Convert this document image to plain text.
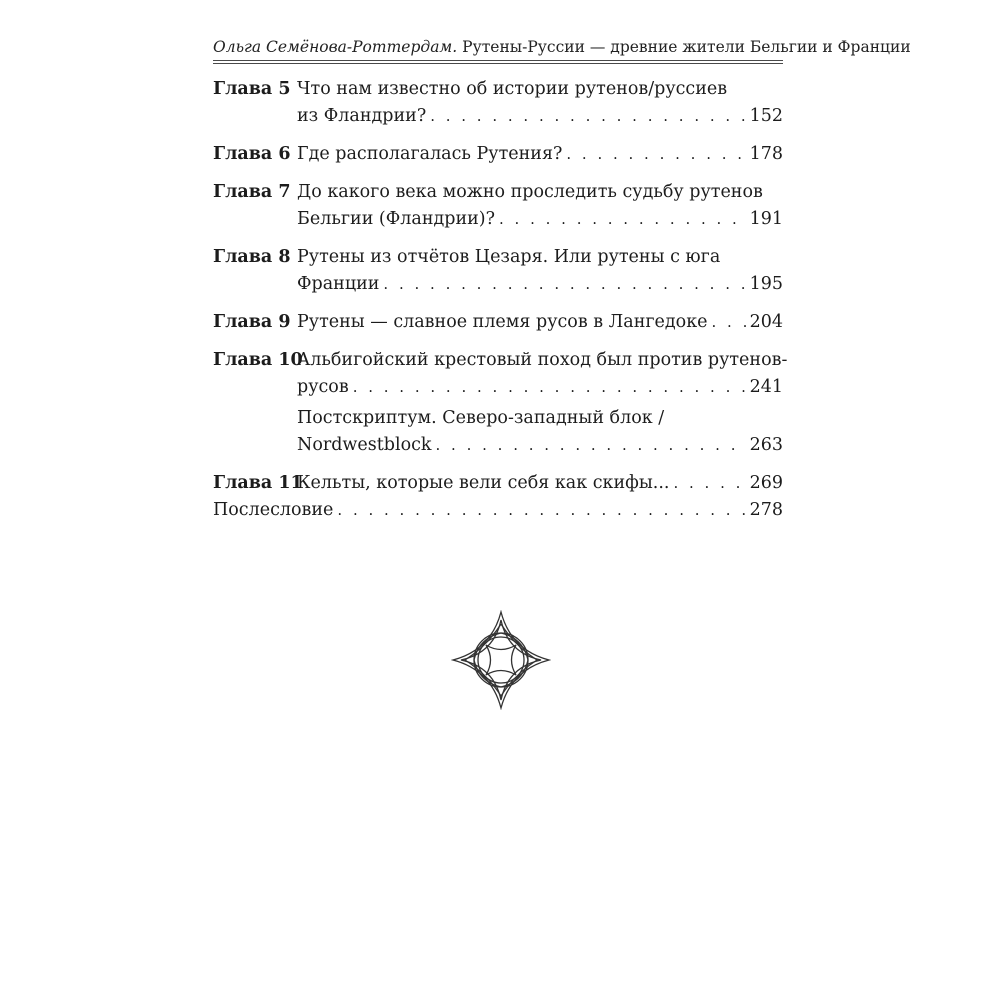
Ольга Семёнова-Роттердам. Рутены-Руссии — древние жители Бельгии и Франции
Глава 5 Что нам известно об истории рутенов/руссиев
из Фландрии? . . .	152
Глава 6 Где располагалась Рутения? . . .	178
Глава 7 До какого века можно проследить судьбу рутенов
Бельгии (Фландрии)? . . .	191
Глава 8 Рутены из отчётов Цезаря. Или рутены с юга
Франции . . .	195
Глава 9 Рутены — славное племя русов в Лангедоке . . . 204
Глава 10
Альбигойский крестовый поход был против рутенов-
русов . . .	241
Постскриптум. Северо-западный блок /
Nordwestblock . . .	263
Глава 11
Кельты, которые вели себя как скифы... . . .	269
Послесловие . . .	278
